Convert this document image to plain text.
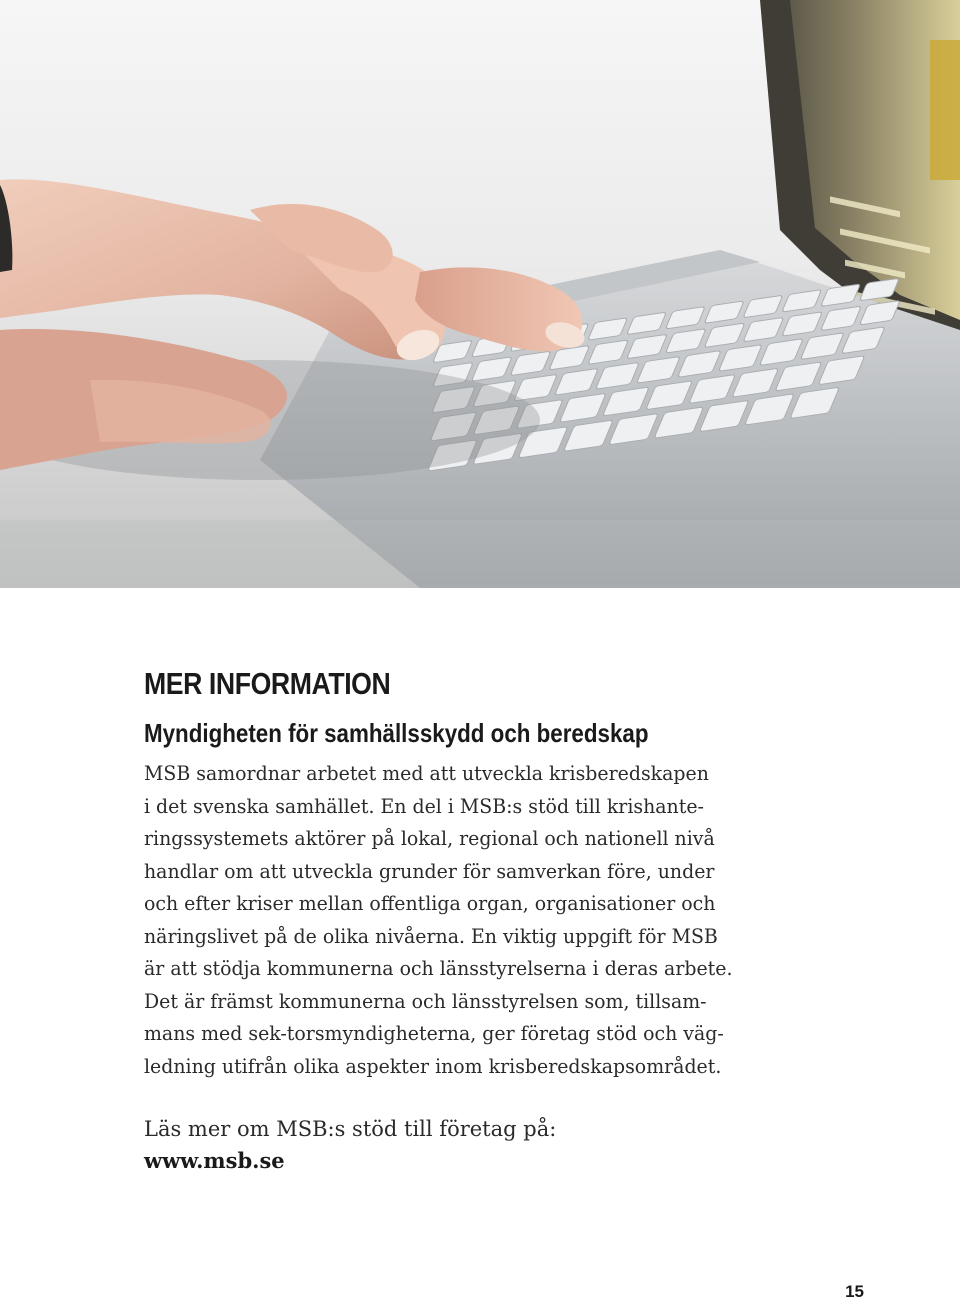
MER INFORMATION
Myndigheten för samhällsskydd och beredskap
MSB samordnar arbetet med att utveckla krisberedskapen
i det svenska samhället. En del i MSB:s stöd till krishante-
ringssystemets aktörer på lokal, regional och nationell nivå
handlar om att utveckla grunder för samverkan före, under
och efter kriser mellan offentliga organ, organisationer och
näringslivet på de olika nivåerna. En viktig uppgift för MSB
är att stödja kommunerna och länsstyrelserna i deras arbete.
Det är främst kommunerna och länsstyrelsen som, tillsam-
mans med sek-torsmyndigheterna, ger företag stöd och väg-
ledning utifrån olika aspekter inom krisberedskapsområdet.
Läs mer om MSB:s stöd till företag på:
www.msb.se
15
